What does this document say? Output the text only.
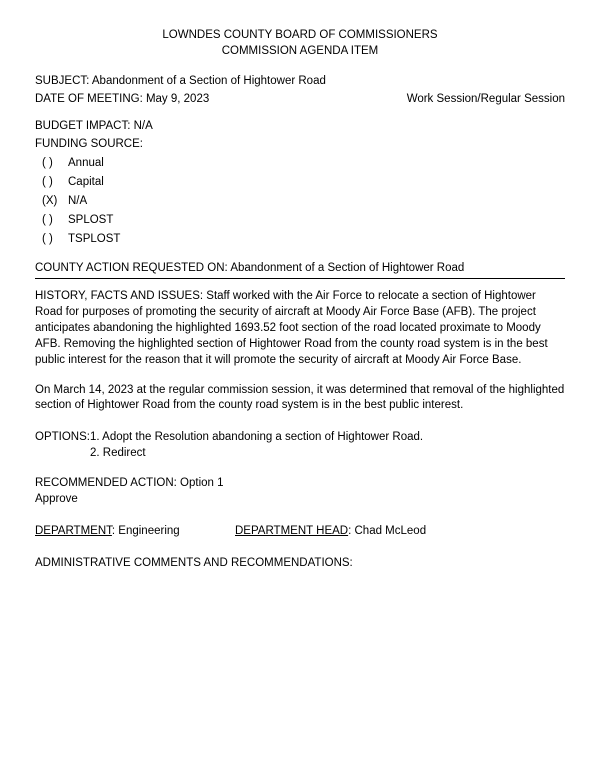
LOWNDES COUNTY BOARD OF COMMISSIONERS
COMMISSION AGENDA ITEM
SUBJECT: Abandonment of a Section of Hightower Road
DATE OF MEETING: May 9, 2023	Work Session/Regular Session
BUDGET IMPACT: N/A
FUNDING SOURCE:
( )	Annual
( )	Capital
(X) N/A
( )	SPLOST
( )	TSPLOST
COUNTY ACTION REQUESTED ON: Abandonment of a Section of Hightower Road
HISTORY, FACTS AND ISSUES: Staff worked with the Air Force to relocate a section of Hightower Road for purposes of promoting the security of aircraft at Moody Air Force Base (AFB). The project anticipates abandoning the highlighted 1693.52 foot section of the road located proximate to Moody AFB. Removing the highlighted section of Hightower Road from the county road system is in the best public interest for the reason that it will promote the security of aircraft at Moody Air Force Base.
On March 14, 2023 at the regular commission session, it was determined that removal of the highlighted section of Hightower Road from the county road system is in the best public interest.
OPTIONS: 1. Adopt the Resolution abandoning a section of Hightower Road.
2. Redirect
RECOMMENDED ACTION: Option 1
Approve
DEPARTMENT: Engineering	DEPARTMENT HEAD: Chad McLeod
ADMINISTRATIVE COMMENTS AND RECOMMENDATIONS:
